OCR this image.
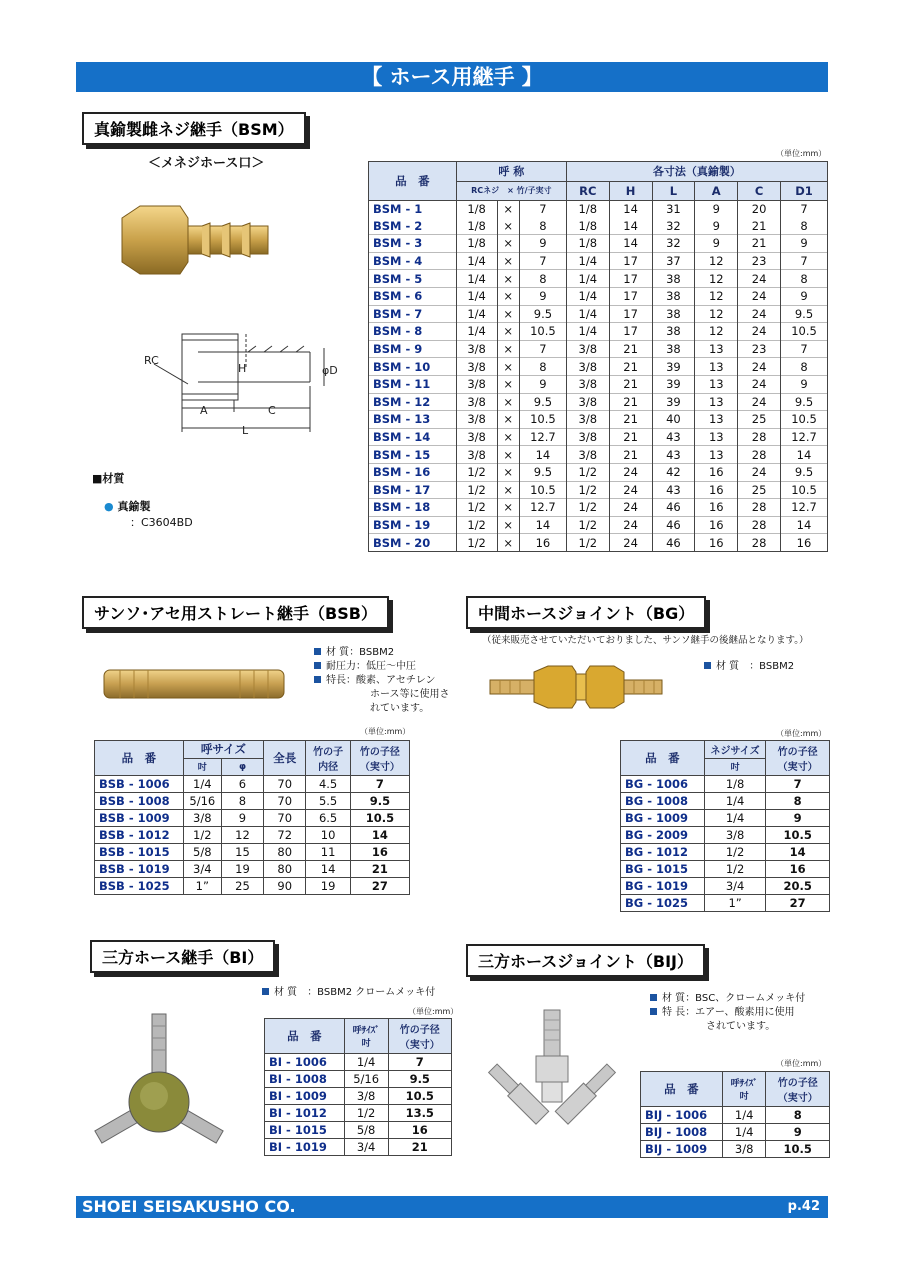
【 ホース用継手 】
真鍮製雌ネジ継手（BSM）
＜メネジホース口＞
RC
H	φD
A	C
L
■材質
● 真鍮製
：C3604BD
（単位:mm）
品　番	呼 称			各寸法（真鍮製）					
	RCネジ　× 竹/子実寸			RC	H	L	A	C	D1
BSM - 1	1/8	×	7	1/8	14	31	9	20	7
BSM - 2	1/8	×	8	1/8	14	32	9	21	8
BSM - 3	1/8	×	9	1/8	14	32	9	21	9
BSM - 4	1/4	×	7	1/4	17	37	12	23	7
BSM - 5	1/4	×	8	1/4	17	38	12	24	8
BSM - 6	1/4	×	9	1/4	17	38	12	24	9
BSM - 7	1/4	×	9.5	1/4	17	38	12	24	9.5
BSM - 8	1/4	×	10.5	1/4	17	38	12	24	10.5
BSM - 9	3/8	×	7	3/8	21	38	13	23	7
BSM - 10	3/8	×	8	3/8	21	39	13	24	8
BSM - 11	3/8	×	9	3/8	21	39	13	24	9
BSM - 12	3/8	×	9.5	3/8	21	39	13	24	9.5
BSM - 13	3/8	×	10.5	3/8	21	40	13	25	10.5
BSM - 14	3/8	×	12.7	3/8	21	43	13	28	12.7
BSM - 15	3/8	×	14	3/8	21	43	13	28	14
BSM - 16	1/2	×	9.5	1/2	24	42	16	24	9.5
BSM - 17	1/2	×	10.5	1/2	24	43	16	25	10.5
BSM - 18	1/2	×	12.7	1/2	24	46	16	28	12.7
BSM - 19	1/2	×	14	1/2	24	46	16	28	14
BSM - 20	1/2	×	16	1/2	24	46	16	28	16
サンソ･アセ用ストレート継手（BSB）
材 質：BSBM2
耐圧力：低圧～中圧
特長：酸素、アセチレン
ホース等に使用さ
れています。
（単位:mm）
品　番	呼サイズ		全長	竹の子 内径	竹の子径（実寸）
	吋	φ			
BSB - 1006	1/4	6	70	4.5	7
BSB - 1008	5/16	8	70	5.5	9.5
BSB - 1009	3/8	9	70	6.5	10.5
BSB - 1012	1/2	12	72	10	14
BSB - 1015	5/8	15	80	11	16
BSB - 1019	3/4	19	80	14	21
BSB - 1025	1”	25	90	19	27
中間ホースジョイント（BG）
（従来販売させていただいておりました、サンソ継手の後継品となります。）
材 質　 ：BSBM2
（単位:mm）
品　番	ネジサイズ	竹の子径（実寸）
	吋	
BG - 1006	1/8	7
BG - 1008	1/4	8
BG - 1009	1/4	9
BG - 2009	3/8	10.5
BG - 1012	1/2	14
BG - 1015	1/2	16
BG - 1019	3/4	20.5
BG - 1025	1”	27
三方ホース継手（BI）
材 質　 ：BSBM2 クロームメッキ付
（単位:mm）
品　番	呼ｻｲｽﾞ 吋	竹の子径（実寸）
BI - 1006	1/4	7
BI - 1008	5/16	9.5
BI - 1009	3/8	10.5
BI - 1012	1/2	13.5
BI - 1015	5/8	16
BI - 1019	3/4	21
三方ホースジョイント（BIJ）
材 質：BSC、クロームメッキ付
特 長：エアー、酸素用に使用
されています。
（単位:mm）
品　番	呼ｻｲｽﾞ 吋	竹の子径（実寸）
BIJ - 1006	1/4	8
BIJ - 1008	1/4	9
BIJ - 1009	3/8	10.5
SHOEI SEISAKUSHO CO.	p.42
